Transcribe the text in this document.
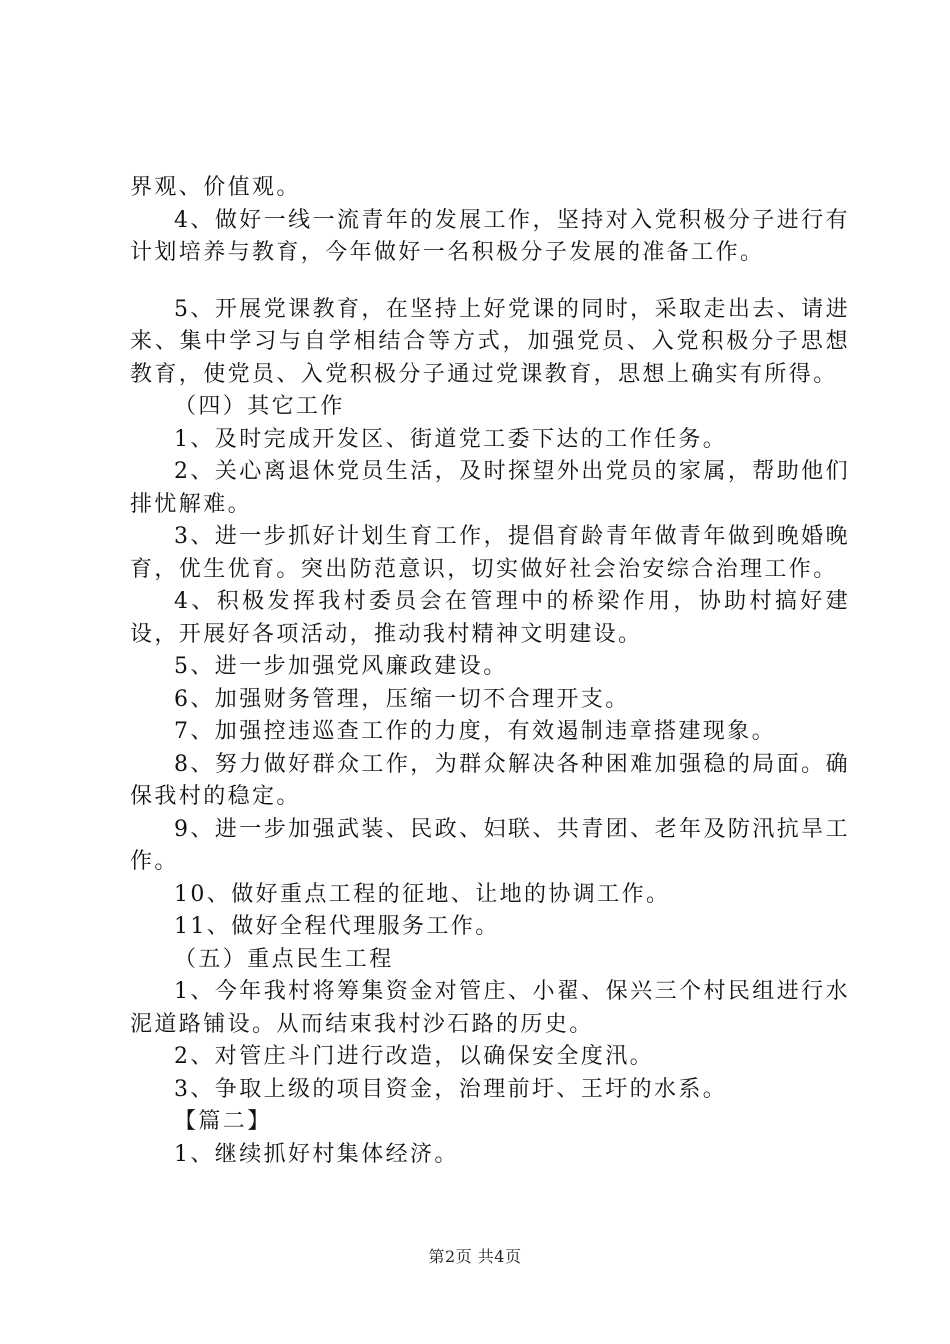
界观、价值观。

4、做好一线一流青年的发展工作，坚持对入党积极分子进行有计划培养与教育，今年做好一名积极分子发展的准备工作。

5、开展党课教育，在坚持上好党课的同时，采取走出去、请进来、集中学习与自学相结合等方式，加强党员、入党积极分子思想教育，使党员、入党积极分子通过党课教育，思想上确实有所得。

（四）其它工作

1、及时完成开发区、街道党工委下达的工作任务。

2、关心离退休党员生活，及时探望外出党员的家属，帮助他们排忧解难。

3、进一步抓好计划生育工作，提倡育龄青年做青年做到晚婚晚育，优生优育。突出防范意识，切实做好社会治安综合治理工作。

4、积极发挥我村委员会在管理中的桥梁作用，协助村搞好建设，开展好各项活动，推动我村精神文明建设。

5、进一步加强党风廉政建设。

6、加强财务管理，压缩一切不合理开支。

7、加强控违巡查工作的力度，有效遏制违章搭建现象。

8、努力做好群众工作，为群众解决各种困难加强稳的局面。确保我村的稳定。

9、进一步加强武装、民政、妇联、共青团、老年及防汛抗旱工作。

10、做好重点工程的征地、让地的协调工作。

11、做好全程代理服务工作。

（五）重点民生工程

1、今年我村将筹集资金对管庄、小翟、保兴三个村民组进行水泥道路铺设。从而结束我村沙石路的历史。

2、对管庄斗门进行改造，以确保安全度汛。

3、争取上级的项目资金，治理前圩、王圩的水系。

【篇二】

1、继续抓好村集体经济。

第2页 共4页
